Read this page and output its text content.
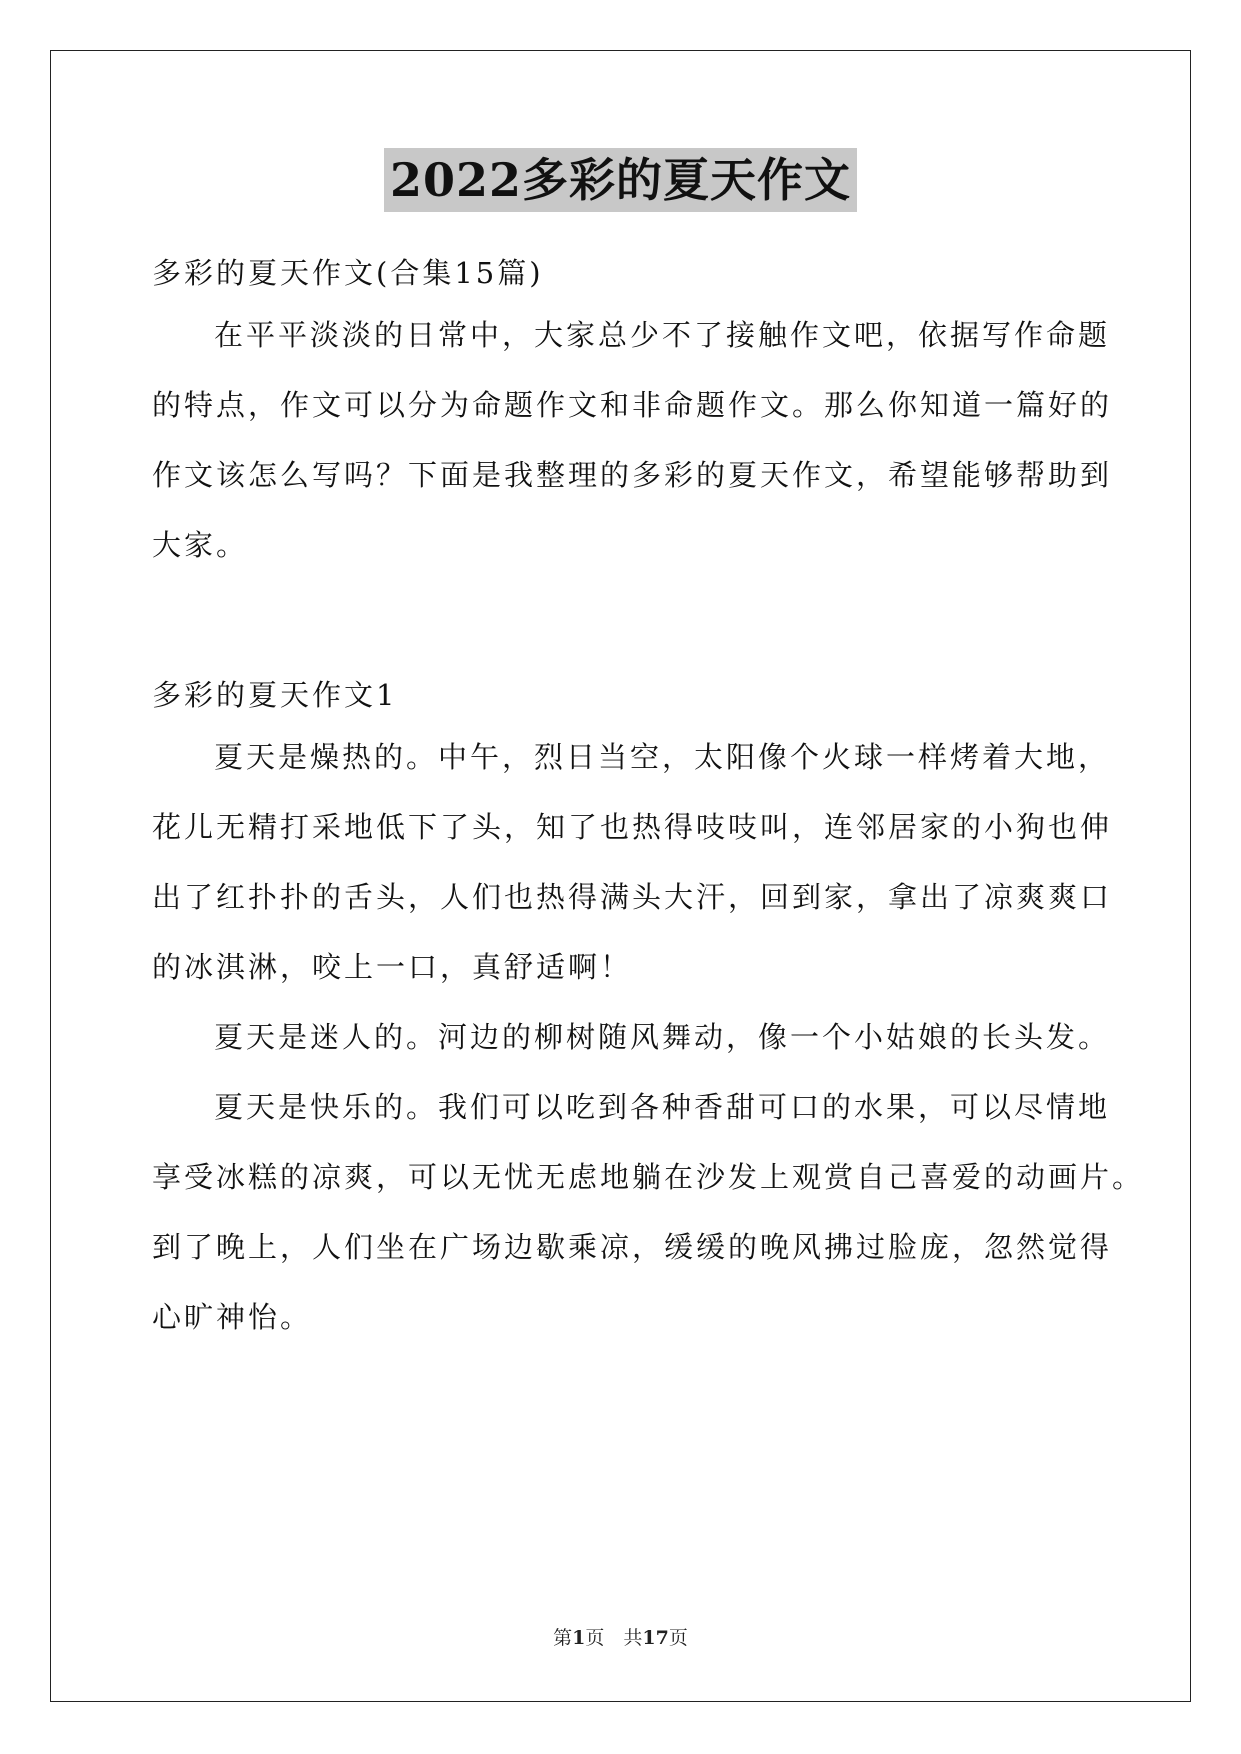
2022多彩的夏天作文
多彩的夏天作文(合集15篇)
在平平淡淡的日常中，大家总少不了接触作文吧，依据写作命题
的特点，作文可以分为命题作文和非命题作文。那么你知道一篇好的
作文该怎么写吗？下面是我整理的多彩的夏天作文，希望能够帮助到
大家。
多彩的夏天作文1
夏天是燥热的。中午，烈日当空，太阳像个火球一样烤着大地，
花儿无精打采地低下了头，知了也热得吱吱叫，连邻居家的小狗也伸
出了红扑扑的舌头，人们也热得满头大汗，回到家，拿出了凉爽爽口
的冰淇淋，咬上一口，真舒适啊！
夏天是迷人的。河边的柳树随风舞动，像一个小姑娘的长头发。
夏天是快乐的。我们可以吃到各种香甜可口的水果，可以尽情地
享受冰糕的凉爽，可以无忧无虑地躺在沙发上观赏自己喜爱的动画片。
到了晚上，人们坐在广场边歇乘凉，缓缓的晚风拂过脸庞，忽然觉得
心旷神怡。
第1页　共17页
